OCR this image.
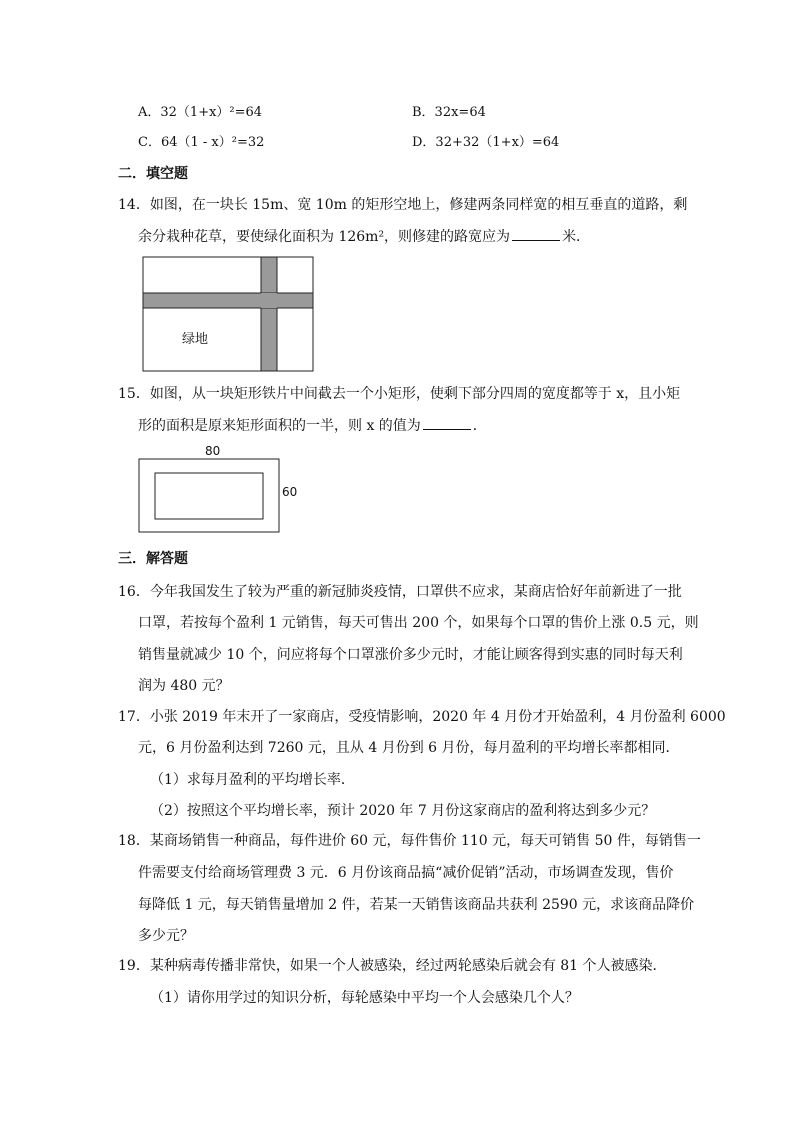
A．32（1+x）²=64	B．32x=64
C．64（1 - x）²=32	D．32+32（1+x）=64
二．填空题
14．如图，在一块长 15m、宽 10m 的矩形空地上，修建两条同样宽的相互垂直的道路，剩
余分栽种花草，要使绿化面积为 126m²，则修建的路宽应为	米．
绿地
15．如图，从一块矩形铁片中间截去一个小矩形，使剩下部分四周的宽度都等于 x，且小矩
形的面积是原来矩形面积的一半，则 x 的值为	．
80
60
三．解答题
16．今年我国发生了较为严重的新冠肺炎疫情，口罩供不应求，某商店恰好年前新进了一批
口罩，若按每个盈利 1 元销售，每天可售出 200 个，如果每个口罩的售价上涨 0.5 元，则
销售量就减少 10 个，问应将每个口罩涨价多少元时，才能让顾客得到实惠的同时每天利
润为 480 元？
17．小张 2019 年末开了一家商店，受疫情影响，2020 年 4 月份才开始盈利，4 月份盈利 6000
元，6 月份盈利达到 7260 元，且从 4 月份到 6 月份，每月盈利的平均增长率都相同．
（1）求每月盈利的平均增长率．
（2）按照这个平均增长率，预计 2020 年 7 月份这家商店的盈利将达到多少元？
18．某商场销售一种商品，每件进价 60 元，每件售价 110 元，每天可销售 50 件，每销售一
件需要支付给商场管理费 3 元．6 月份该商品搞“减价促销”活动，市场调查发现，售价
每降低 1 元，每天销售量增加 2 件，若某一天销售该商品共获利 2590 元，求该商品降价
多少元？
19．某种病毒传播非常快，如果一个人被感染，经过两轮感染后就会有 81 个人被感染．
（1）请你用学过的知识分析，每轮感染中平均一个人会感染几个人？
